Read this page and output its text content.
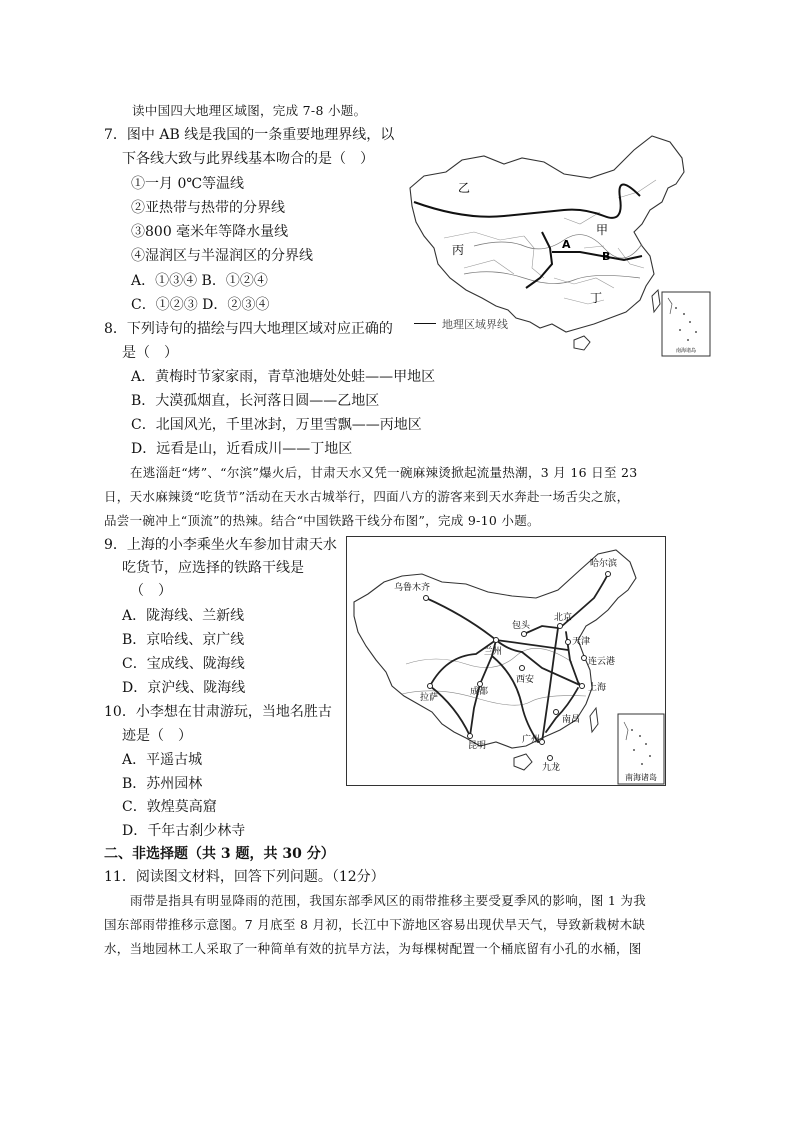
读中国四大地理区域图，完成 7-8 小题。
7．图中 AB 线是我国的一条重要地理界线，以
下各线大致与此界线基本吻合的是（　）
①一月 0℃等温线
②亚热带与热带的分界线
③800 毫米年等降水量线
④湿润区与半湿润区的分界线
A．①③④ B．①②④
C．①②③ D．②③④
乙
甲
丙
丁
A
B
南海诸岛
地理区域界线
8．下列诗句的描绘与四大地理区域对应正确的
是（　）
A．黄梅时节家家雨，青草池塘处处蛙——甲地区
B．大漠孤烟直，长河落日圆——乙地区
C．北国风光，千里冰封，万里雪飘——丙地区
D．远看是山，近看成川——丁地区
在逃淄赶“烤”、“尔滨”爆火后，甘肃天水又凭一碗麻辣烫掀起流量热潮，3 月 16 日至 23
日，天水麻辣烫“吃货节”活动在天水古城举行，四面八方的游客来到天水奔赴一场舌尖之旅，
品尝一碗冲上“顶流”的热辣。结合“中国铁路干线分布图”，完成 9-10 小题。
9．上海的小李乘坐火车参加甘肃天水
吃货节，应选择的铁路干线是
（　）
A．陇海线、兰新线
B．京哈线、京广线
C．宝成线、陇海线
D．京沪线、陇海线
哈尔滨
乌鲁木齐
北京
包头
天津
兰州
连云港
成都
西安
上海
拉萨
南昌
昆明
广州
九龙
南海诸岛
10．小李想在甘肃游玩，当地名胜古
迹是（　）
A．平遥古城
B．苏州园林
C．敦煌莫高窟
D．千年古刹少林寺
二、非选择题（共 3 题，共 30 分）
11．阅读图文材料，回答下列问题。（12分）
雨带是指具有明显降雨的范围，我国东部季风区的雨带推移主要受夏季风的影响，图 1 为我
国东部雨带推移示意图。7 月底至 8 月初，长江中下游地区容易出现伏旱天气，导致新栽树木缺
水，当地园林工人采取了一种简单有效的抗旱方法，为每棵树配置一个桶底留有小孔的水桶，图
